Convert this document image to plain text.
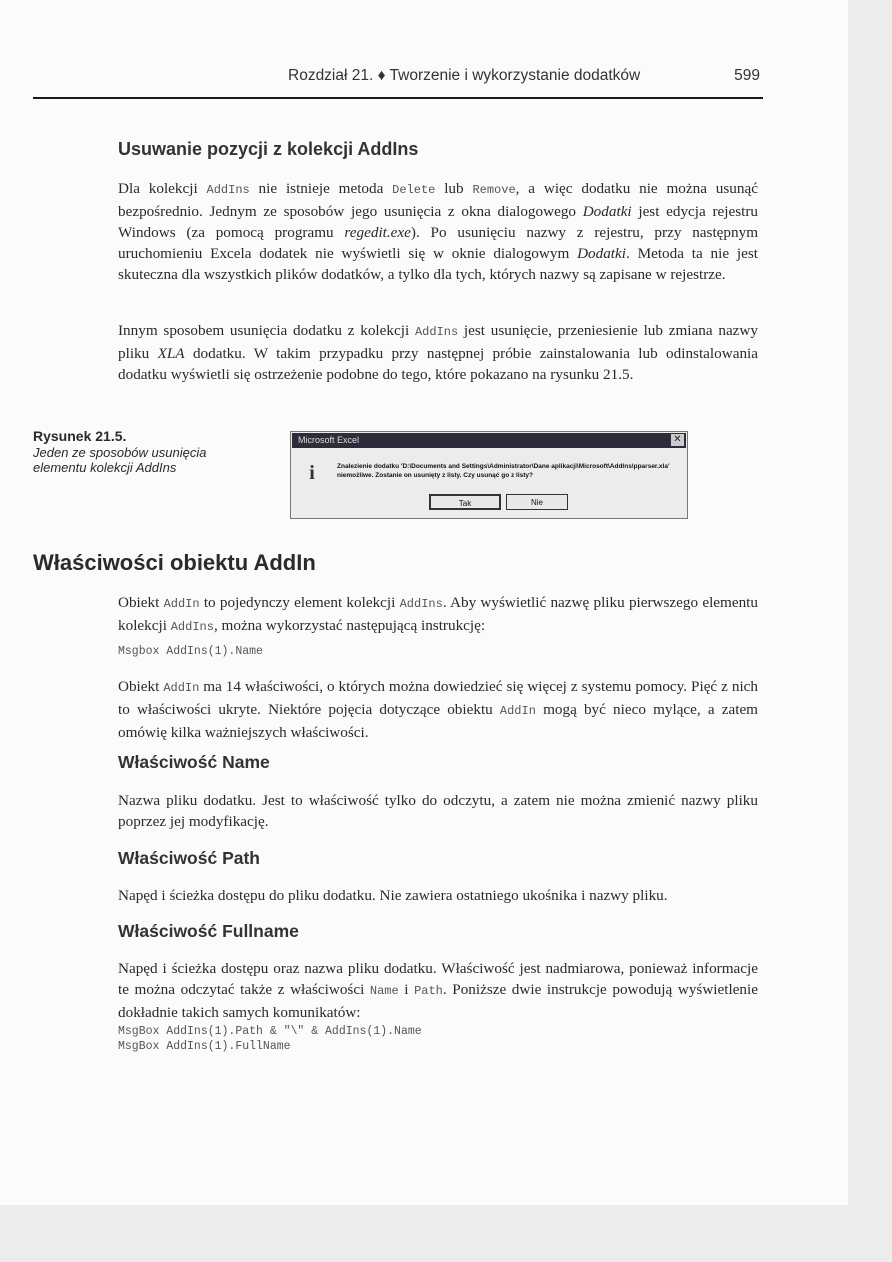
Rozdział 21. ♦ Tworzenie i wykorzystanie dodatków	599
Usuwanie pozycji z kolekcji AddIns
Dla kolekcji AddIns nie istnieje metoda Delete lub Remove, a więc dodatku nie można usunąć bezpośrednio. Jednym ze sposobów jego usunięcia z okna dialogowego Dodatki jest edycja rejestru Windows (za pomocą programu regedit.exe). Po usunięciu nazwy z rejestru, przy następnym uruchomieniu Excela dodatek nie wyświetli się w oknie dialogowym Dodatki. Metoda ta nie jest skuteczna dla wszystkich plików dodatków, a tylko dla tych, których nazwy są zapisane w rejestrze.
Innym sposobem usunięcia dodatku z kolekcji AddIns jest usunięcie, przeniesienie lub zmiana nazwy pliku XLA dodatku. W takim przypadku przy następnej próbie zainstalowania lub odinstalowania dodatku wyświetli się ostrzeżenie podobne do tego, które pokazano na rysunku 21.5.
Rysunek 21.5.
Jeden ze sposobów usunięcia elementu kolekcji AddIns
Microsoft Excel	✕
i	Znalezienie dodatku 'D:\Documents and Settings\Administrator\Dane aplikacji\Microsoft\AddIns\pparser.xla' niemożliwe. Zostanie on usunięty z listy. Czy usunąć go z listy?
Tak	Nie
Właściwości obiektu AddIn
Obiekt AddIn to pojedynczy element kolekcji AddIns. Aby wyświetlić nazwę pliku pierwszego elementu kolekcji AddIns, można wykorzystać następującą instrukcję:
Msgbox AddIns(1).Name
Obiekt AddIn ma 14 właściwości, o których można dowiedzieć się więcej z systemu pomocy. Pięć z nich to właściwości ukryte. Niektóre pojęcia dotyczące obiektu AddIn mogą być nieco mylące, a zatem omówię kilka ważniejszych właściwości.
Właściwość Name
Nazwa pliku dodatku. Jest to właściwość tylko do odczytu, a zatem nie można zmienić nazwy pliku poprzez jej modyfikację.
Właściwość Path
Napęd i ścieżka dostępu do pliku dodatku. Nie zawiera ostatniego ukośnika i nazwy pliku.
Właściwość Fullname
Napęd i ścieżka dostępu oraz nazwa pliku dodatku. Właściwość jest nadmiarowa, ponieważ informacje te można odczytać także z właściwości Name i Path. Poniższe dwie instrukcje powodują wyświetlenie dokładnie takich samych komunikatów:
MsgBox AddIns(1).Path & "\" & AddIns(1).Name
MsgBox AddIns(1).FullName
